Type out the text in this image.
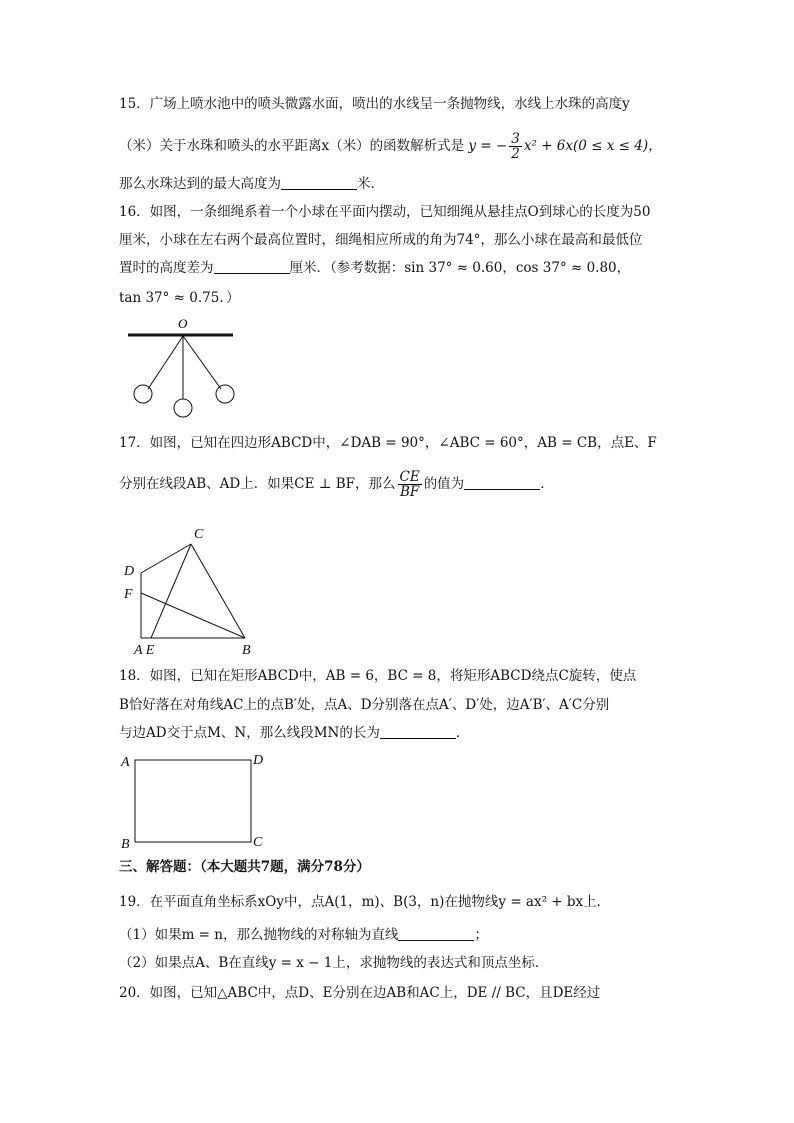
15．广场上喷水池中的喷头微露水面，喷出的水线呈一条抛物线，水线上水珠的高度y
（米）关于水珠和喷头的水平距离x（米）的函数解析式是 y = − $\frac{3}{2} x^2 + 6x(0 \le x \le 4)$，
那么水珠达到的最大高度为	米．
16．如图，一条细绳系着一个小球在平面内摆动，已知细绳从悬挂点O到球心的长度为50
厘米，小球在左右两个最高位置时，细绳相应所成的角为74°，那么小球在最高和最低位
置时的高度差为	厘米．（参考数据：sin 37° ≈ 0.60，cos 37° ≈ 0.80，
tan 37° ≈ 0.75．）
O
17．如图，已知在四边形ABCD中，∠DAB = 90°，∠ABC = 60°，AB = CB，点E、F
分别在线段AB、AD上．如果CE ⊥ BF，那么 $\frac{CE}{BF}$ 的值为	．
C
D
F
A E	B
18．如图，已知在矩形ABCD中，AB = 6，BC = 8，将矩形ABCD绕点C旋转，使点
B恰好落在对角线AC上的点B′处，点A、D分别落在点A′、D′处，边A′B′、A′C分别
与边AD交于点M、N，那么线段MN的长为	．
A	D
B	C
三、解答题：（本大题共7题，满分78分）
19．在平面直角坐标系xOy中，点A(1，m)、B(3，n)在抛物线y = ax² + bx上．
（1）如果m = n，那么抛物线的对称轴为直线	；
（2）如果点A、B在直线y = x − 1上，求抛物线的表达式和顶点坐标．
20．如图，已知△ABC中，点D、E分别在边AB和AC上，DE // BC，且DE经过
